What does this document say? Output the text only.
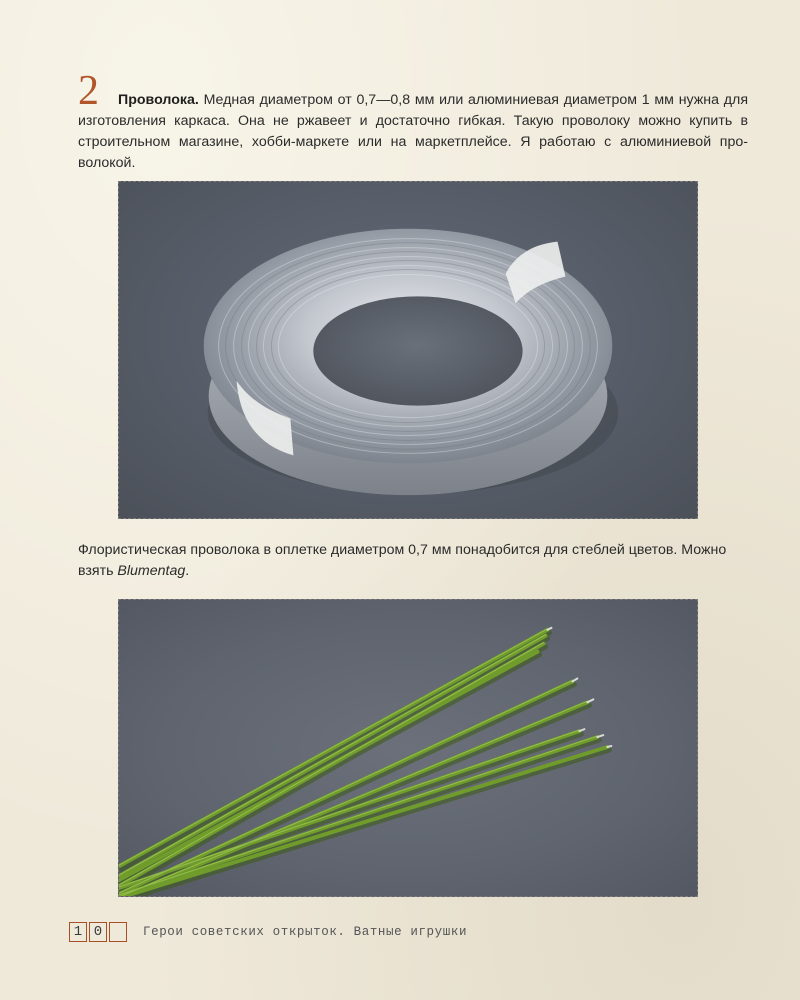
2	Проволока. Медная диаметром от 0,7—0,8 мм или алюминиевая диаметром 1 мм нужна для изготовления каркаса. Она не ржавеет и достаточно гибкая. Такую проволоку можно купить в строительном магазине, хобби-маркете или на маркетплейсе. Я работаю с алюминиевой проволокой.
Флористическая проволока в оплетке диаметром 0,7 мм понадобится для стеблей цветов. Можно взять Blumentag.
1 0	Герои советских открыток. Ватные игрушки
